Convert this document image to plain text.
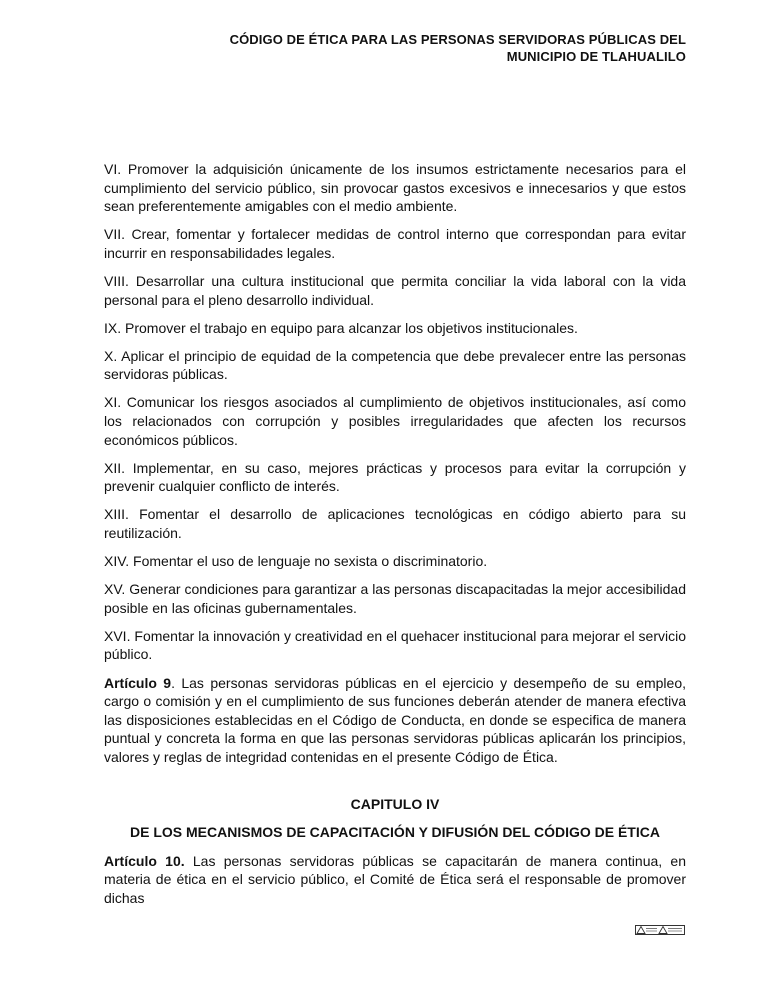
CÓDIGO DE ÉTICA PARA LAS PERSONAS SERVIDORAS PÚBLICAS DEL
MUNICIPIO DE TLAHUALILO

VI. Promover la adquisición únicamente de los insumos estrictamente necesarios para el cumplimiento del servicio público, sin provocar gastos excesivos e innecesarios y que estos sean preferentemente amigables con el medio ambiente.

VII. Crear, fomentar y fortalecer medidas de control interno que correspondan para evitar incurrir en responsabilidades legales.

VIII. Desarrollar una cultura institucional que permita conciliar la vida laboral con la vida personal para el pleno desarrollo individual.

IX. Promover el trabajo en equipo para alcanzar los objetivos institucionales.

X. Aplicar el principio de equidad de la competencia que debe prevalecer entre las personas servidoras públicas.

XI. Comunicar los riesgos asociados al cumplimiento de objetivos institucionales, así como los relacionados con corrupción y posibles irregularidades que afecten los recursos económicos públicos.

XII. Implementar, en su caso, mejores prácticas y procesos para evitar la corrupción y prevenir cualquier conflicto de interés.

XIII. Fomentar el desarrollo de aplicaciones tecnológicas en código abierto para su reutilización.

XIV. Fomentar el uso de lenguaje no sexista o discriminatorio.

XV. Generar condiciones para garantizar a las personas discapacitadas la mejor accesibilidad posible en las oficinas gubernamentales.

XVI. Fomentar la innovación y creatividad en el quehacer institucional para mejorar el servicio público.

Artículo 9. Las personas servidoras públicas en el ejercicio y desempeño de su empleo, cargo o comisión y en el cumplimiento de sus funciones deberán atender de manera efectiva las disposiciones establecidas en el Código de Conducta, en donde se especifica de manera puntual y concreta la forma en que las personas servidoras públicas aplicarán los principios, valores y reglas de integridad contenidas en el presente Código de Ética.

CAPITULO IV
DE LOS MECANISMOS DE CAPACITACIÓN Y DIFUSIÓN DEL CÓDIGO DE ÉTICA

Artículo 10. Las personas servidoras públicas se capacitarán de manera continua, en materia de ética en el servicio público, el Comité de Ética será el responsable de promover dichas
